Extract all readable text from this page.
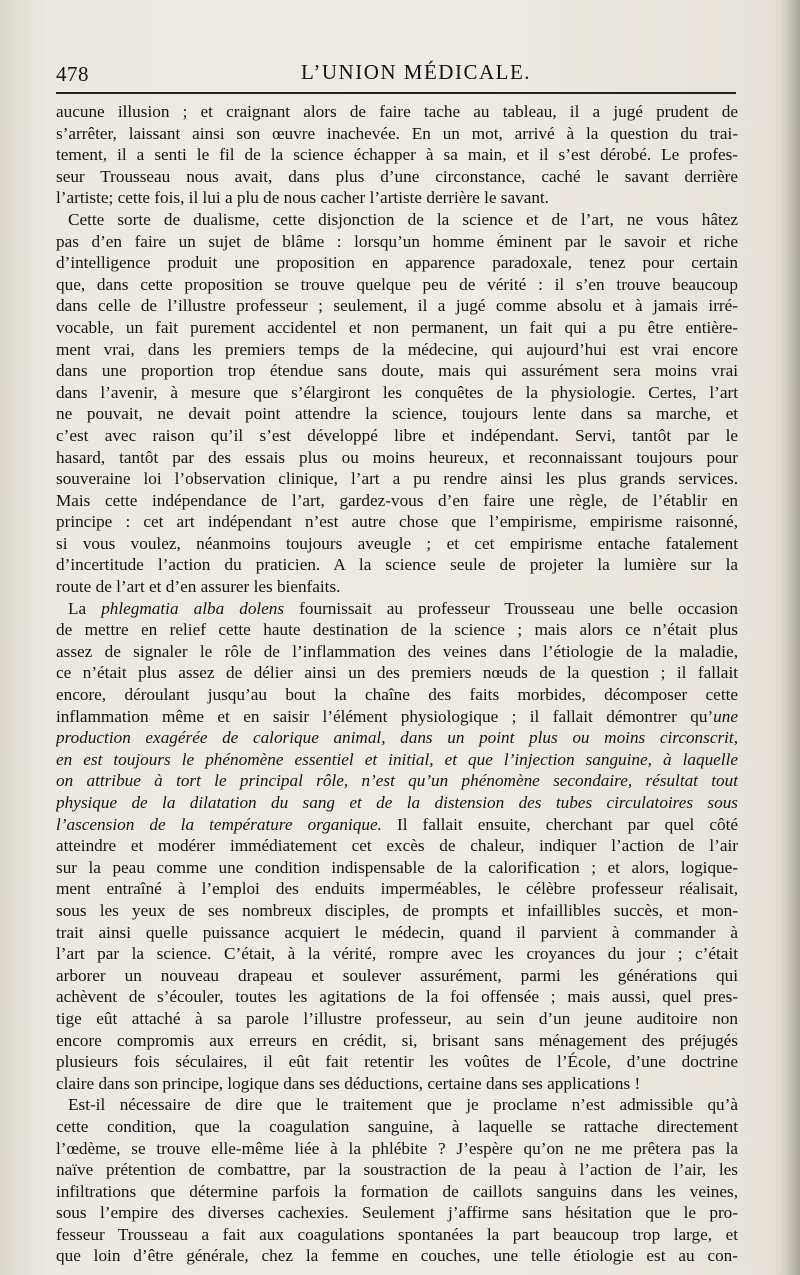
478	L’UNION MÉDICALE.
aucune illusion ; et craignant alors de faire tache au tableau, il a jugé prudent de
s’arrêter, laissant ainsi son œuvre inachevée. En un mot, arrivé à la question du trai-
tement, il a senti le fil de la science échapper à sa main, et il s’est dérobé. Le profes-
seur Trousseau nous avait, dans plus d’une circonstance, caché le savant derrière
l’artiste; cette fois, il lui a plu de nous cacher l’artiste derrière le savant.
Cette sorte de dualisme, cette disjonction de la science et de l’art, ne vous hâtez
pas d’en faire un sujet de blâme : lorsqu’un homme éminent par le savoir et riche
d’intelligence produit une proposition en apparence paradoxale, tenez pour certain
que, dans cette proposition se trouve quelque peu de vérité : il s’en trouve beaucoup
dans celle de l’illustre professeur ; seulement, il a jugé comme absolu et à jamais irré-
vocable, un fait purement accidentel et non permanent, un fait qui a pu être entière-
ment vrai, dans les premiers temps de la médecine, qui aujourd’hui est vrai encore
dans une proportion trop étendue sans doute, mais qui assurément sera moins vrai
dans l’avenir, à mesure que s’élargiront les conquêtes de la physiologie. Certes, l’art
ne pouvait, ne devait point attendre la science, toujours lente dans sa marche, et
c’est avec raison qu’il s’est développé libre et indépendant. Servi, tantôt par le
hasard, tantôt par des essais plus ou moins heureux, et reconnaissant toujours pour
souveraine loi l’observation clinique, l’art a pu rendre ainsi les plus grands services.
Mais cette indépendance de l’art, gardez-vous d’en faire une règle, de l’établir en
principe : cet art indépendant n’est autre chose que l’empirisme, empirisme raisonné,
si vous voulez, néanmoins toujours aveugle ; et cet empirisme entache fatalement
d’incertitude l’action du praticien. A la science seule de projeter la lumière sur la
route de l’art et d’en assurer les bienfaits.
La phlegmatia alba dolens fournissait au professeur Trousseau une belle occasion
de mettre en relief cette haute destination de la science ; mais alors ce n’était plus
assez de signaler le rôle de l’inflammation des veines dans l’étiologie de la maladie,
ce n’était plus assez de délier ainsi un des premiers nœuds de la question ; il fallait
encore, déroulant jusqu’au bout la chaîne des faits morbides, décomposer cette
inflammation même et en saisir l’élément physiologique ; il fallait démontrer qu’une
production exagérée de calorique animal, dans un point plus ou moins circonscrit,
en est toujours le phénomène essentiel et initial, et que l’injection sanguine, à laquelle
on attribue à tort le principal rôle, n’est qu’un phénomène secondaire, résultat tout
physique de la dilatation du sang et de la distension des tubes circulatoires sous
l’ascension de la température organique. Il fallait ensuite, cherchant par quel côté
atteindre et modérer immédiatement cet excès de chaleur, indiquer l’action de l’air
sur la peau comme une condition indispensable de la calorification ; et alors, logique-
ment entraîné à l’emploi des enduits imperméables, le célèbre professeur réalisait,
sous les yeux de ses nombreux disciples, de prompts et infaillibles succès, et mon-
trait ainsi quelle puissance acquiert le médecin, quand il parvient à commander à
l’art par la science. C’était, à la vérité, rompre avec les croyances du jour ; c’était
arborer un nouveau drapeau et soulever assurément, parmi les générations qui
achèvent de s’écouler, toutes les agitations de la foi offensée ; mais aussi, quel pres-
tige eût attaché à sa parole l’illustre professeur, au sein d’un jeune auditoire non
encore compromis aux erreurs en crédit, si, brisant sans ménagement des préjugés
plusieurs fois séculaires, il eût fait retentir les voûtes de l’École, d’une doctrine
claire dans son principe, logique dans ses déductions, certaine dans ses applications !
Est-il nécessaire de dire que le traitement que je proclame n’est admissible qu’à
cette condition, que la coagulation sanguine, à laquelle se rattache directement
l’œdème, se trouve elle-même liée à la phlébite ? J’espère qu’on ne me prêtera pas la
naïve prétention de combattre, par la soustraction de la peau à l’action de l’air, les
infiltrations que détermine parfois la formation de caillots sanguins dans les veines,
sous l’empire des diverses cachexies. Seulement j’affirme sans hésitation que le pro-
fesseur Trousseau a fait aux coagulations spontanées la part beaucoup trop large, et
que loin d’être générale, chez la femme en couches, une telle étiologie est au con-
